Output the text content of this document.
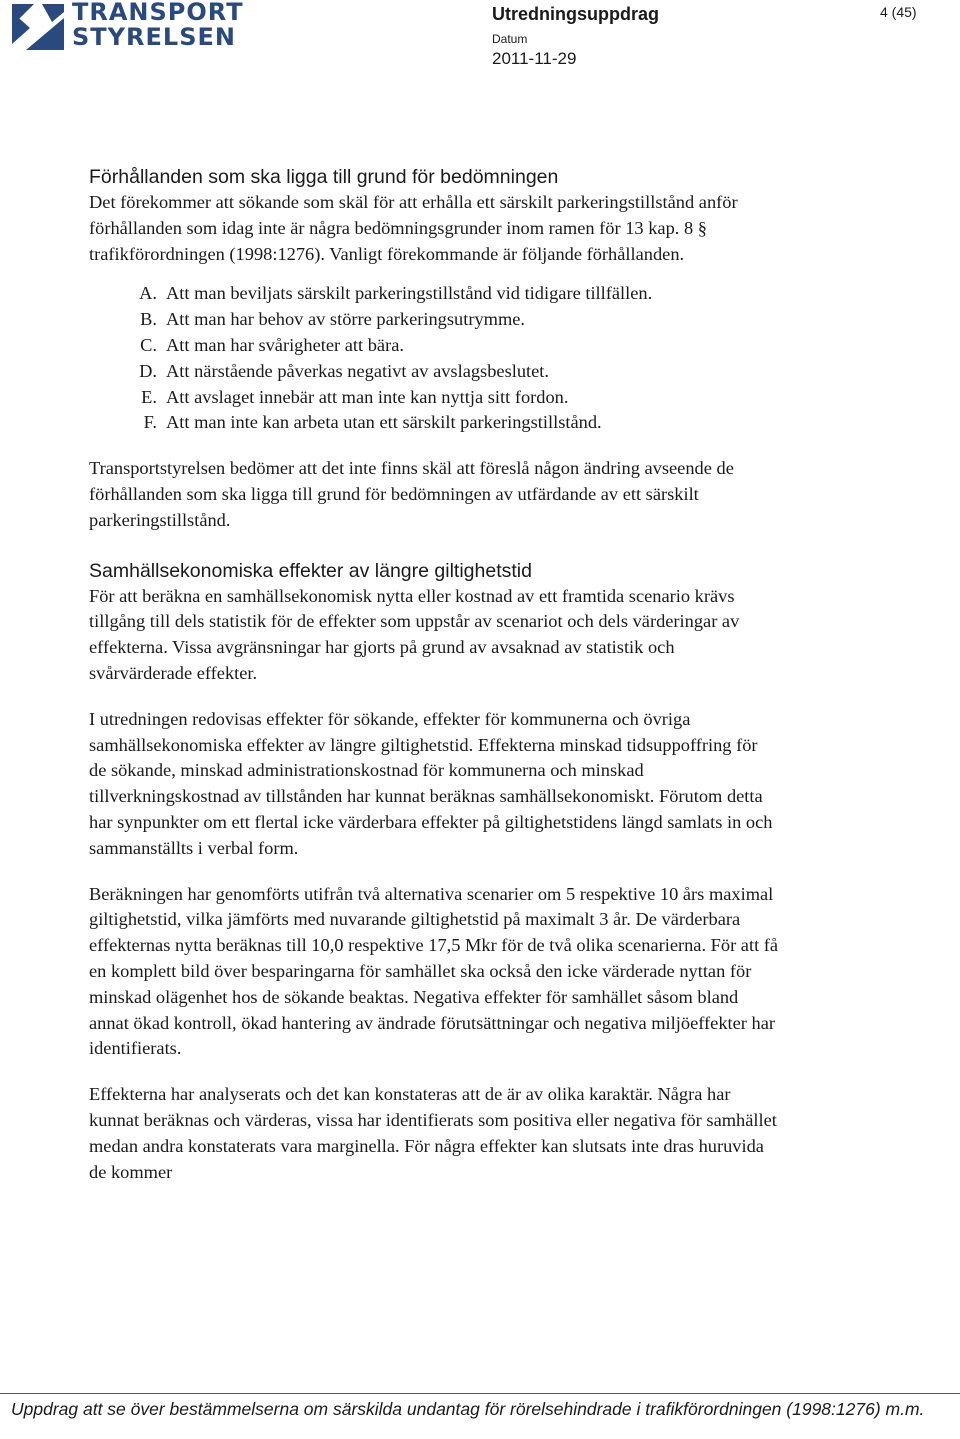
TRANSPORT
STYRELSEN
Utredningsuppdrag
Datum
2011-11-29
4 (45)
Förhållanden som ska ligga till grund för bedömningen

Det förekommer att sökande som skäl för att erhålla ett särskilt parkeringstillstånd anför förhållanden som idag inte är några bedömningsgrunder inom ramen för 13 kap. 8 § trafikförordningen (1998:1276). Vanligt förekommande är följande förhållanden.

A. Att man beviljats särskilt parkeringstillstånd vid tidigare tillfällen.
B. Att man har behov av större parkeringsutrymme.
C. Att man har svårigheter att bära.
D. Att närstående påverkas negativt av avslagsbeslutet.
E. Att avslaget innebär att man inte kan nyttja sitt fordon.
F. Att man inte kan arbeta utan ett särskilt parkeringstillstånd.

Transportstyrelsen bedömer att det inte finns skäl att föreslå någon ändring avseende de förhållanden som ska ligga till grund för bedömningen av utfärdande av ett särskilt parkeringstillstånd.

Samhällsekonomiska effekter av längre giltighetstid

För att beräkna en samhällsekonomisk nytta eller kostnad av ett framtida scenario krävs tillgång till dels statistik för de effekter som uppstår av scenariot och dels värderingar av effekterna. Vissa avgränsningar har gjorts på grund av avsaknad av statistik och svårvärderade effekter.

I utredningen redovisas effekter för sökande, effekter för kommunerna och övriga samhällsekonomiska effekter av längre giltighetstid. Effekterna minskad tidsuppoffring för de sökande, minskad administrationskostnad för kommunerna och minskad tillverkningskostnad av tillstånden har kunnat beräknas samhällsekonomiskt. Förutom detta har synpunkter om ett flertal icke värderbara effekter på giltighetstidens längd samlats in och sammanställts i verbal form.

Beräkningen har genomförts utifrån två alternativa scenarier om 5 respektive 10 års maximal giltighetstid, vilka jämförts med nuvarande giltighetstid på maximalt 3 år. De värderbara effekternas nytta beräknas till 10,0 respektive 17,5 Mkr för de två olika scenarierna. För att få en komplett bild över besparingarna för samhället ska också den icke värderade nyttan för minskad olägenhet hos de sökande beaktas. Negativa effekter för samhället såsom bland annat ökad kontroll, ökad hantering av ändrade förutsättningar och negativa miljöeffekter har identifierats.

Effekterna har analyserats och det kan konstateras att de är av olika karaktär. Några har kunnat beräknas och värderas, vissa har identifierats som positiva eller negativa för samhället medan andra konstaterats vara marginella. För några effekter kan slutsats inte dras huruvida de kommer

Uppdrag att se över bestämmelserna om särskilda undantag för rörelsehindrade i trafikförordningen (1998:1276) m.m.
